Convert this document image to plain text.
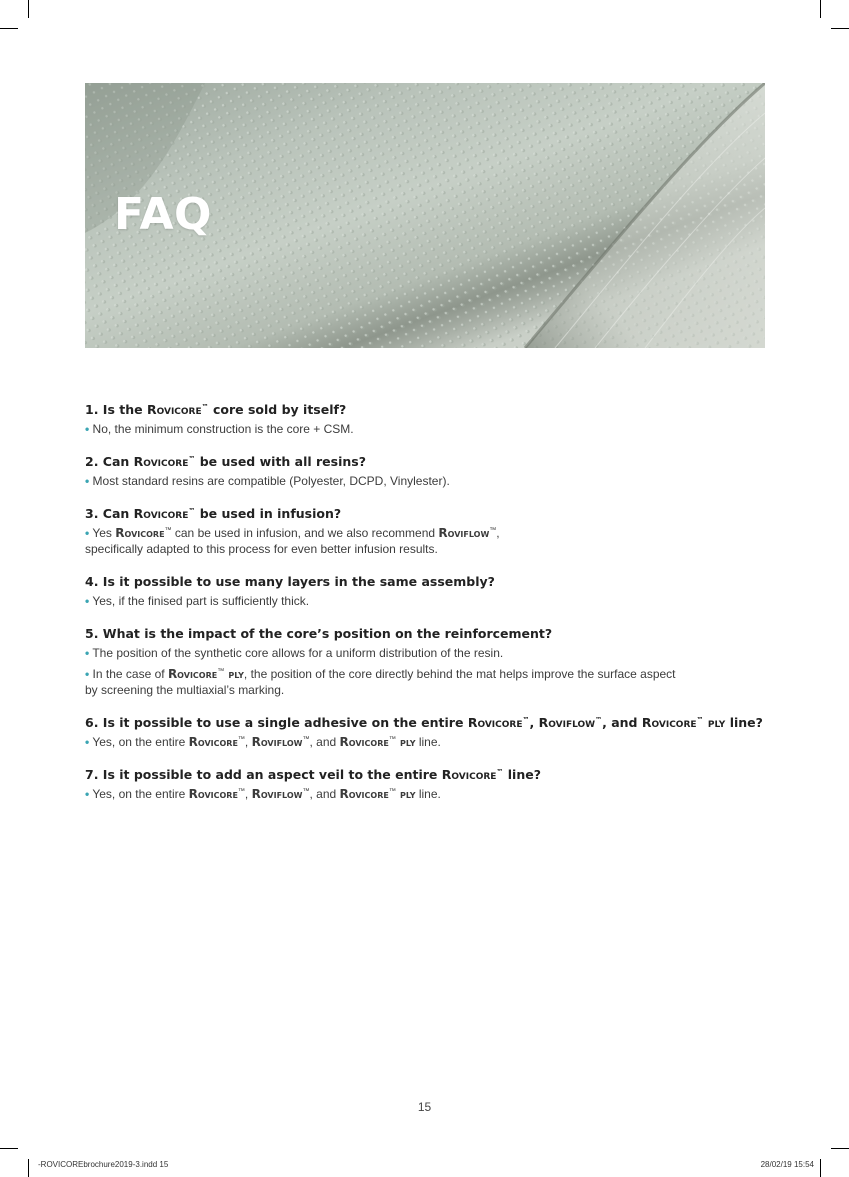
FAQ

1. Is the Rovicore™ core sold by itself?

• No, the minimum construction is the core + CSM.

2. Can Rovicore™ be used with all resins?

• Most standard resins are compatible (Polyester, DCPD, Vinylester).

3. Can Rovicore™ be used in infusion?

• Yes Rovicore™ can be used in infusion, and we also recommend Roviflow™,

specifically adapted to this process for even better infusion results.

4. Is it possible to use many layers in the same assembly?

• Yes, if the finised part is sufficiently thick.

5. What is the impact of the core’s position on the reinforcement?

• The position of the synthetic core allows for a uniform distribution of the resin.

• In the case of Rovicore™ ply, the position of the core directly behind the mat helps improve the surface aspect

by screening the multiaxial’s marking.

6. Is it possible to use a single adhesive on the entire Rovicore™, Roviflow™, and Rovicore™ ply line?

• Yes, on the entire Rovicore™, Roviflow™, and Rovicore™ ply line.

7. Is it possible to add an aspect veil to the entire Rovicore™ line?

• Yes, on the entire Rovicore™, Roviflow™, and Rovicore™ ply line.

15
-ROVICOREbrochure2019-3.indd 15	28/02/19 15:54
